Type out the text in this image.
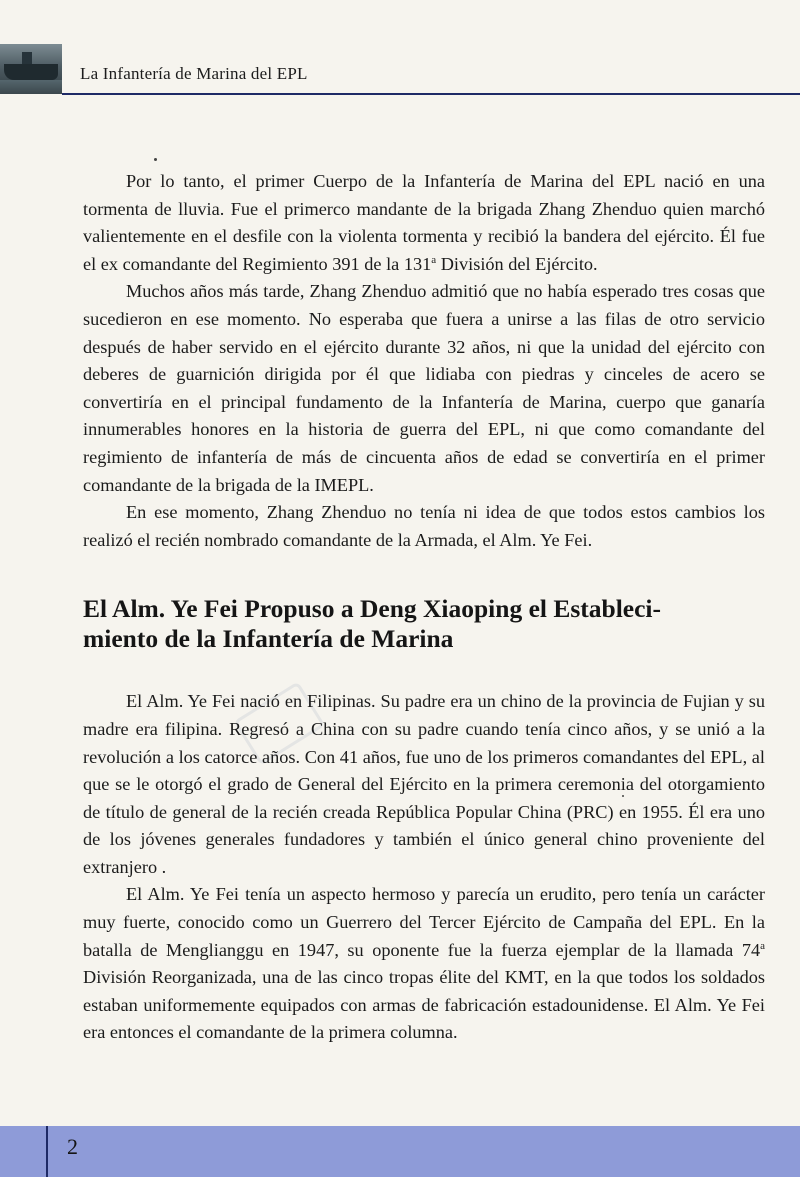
La Infantería de Marina del EPL

Por lo tanto, el primer Cuerpo de la Infantería de Marina del EPL nació en una tormenta de lluvia. Fue el primerco mandante de la brigada Zhang Zhenduo quien marchó valientemente en el desfile con la violenta tormenta y recibió la bandera del ejército. Él fue el ex comandante del Regimiento 391 de la 131$^a$ División del Ejército.

Muchos años más tarde, Zhang Zhenduo admitió que no había esperado tres cosas que sucedieron en ese momento. No esperaba que fuera a unirse a las filas de otro servicio después de haber servido en el ejército durante 32 años, ni que la unidad del ejército con deberes de guarnición dirigida por él que lidiaba con piedras y cinceles de acero se convertiría en el principal fundamento de la Infantería de Marina, cuerpo que ganaría innumerables honores en la historia de guerra del EPL, ni que como comandante del regimiento de infantería de más de cincuenta años de edad se convertiría en el primer comandante de la brigada de la IMEPL.

En ese momento, Zhang Zhenduo no tenía ni idea de que todos estos cambios los realizó el recién nombrado comandante de la Armada, el Alm. Ye Fei.

El Alm. Ye Fei Propuso a Deng Xiaoping el Estableci-
miento de la Infantería de Marina

El Alm. Ye Fei nació en Filipinas. Su padre era un chino de la provincia de Fujian y su madre era filipina. Regresó a China con su padre cuando tenía cinco años, y se unió a la revolución a los catorce años. Con 41 años, fue uno de los primeros comandantes del EPL, al que se le otorgó el grado de General del Ejército en la primera ceremonia del otorgamiento de título de general de la recién creada República Popular China (PRC) en 1955. Él era uno de los jóvenes generales fundadores y también el único general chino proveniente del extranjero .

El Alm. Ye Fei tenía un aspecto hermoso y parecía un erudito, pero tenía un carácter muy fuerte, conocido como un Guerrero del Tercer Ejército de Campaña del EPL. En la batalla de Menglianggu en 1947, su oponente fue la fuerza ejemplar de la llamada 74$^a$ División Reorganizada, una de las cinco tropas élite del KMT, en la que todos los soldados estaban uniformemente equipados con armas de fabricación estadounidense. El Alm. Ye Fei era entonces el comandante de la primera columna.

2
